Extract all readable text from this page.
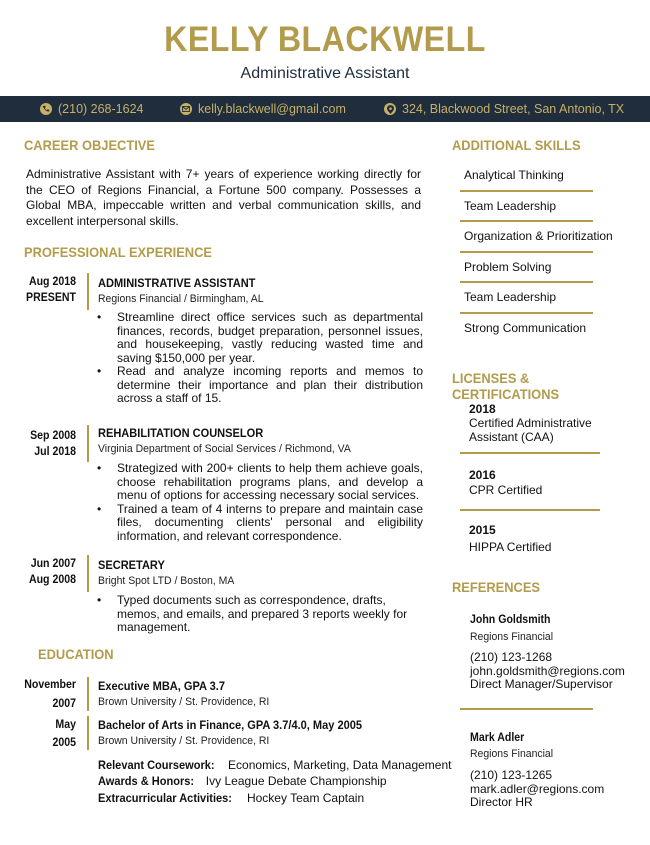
KELLY BLACKWELL
Administrative Assistant
(210) 268-1624	kelly.blackwell@gmail.com	324, Blackwood Street, San Antonio, TX
CAREER OBJECTIVE
Administrative Assistant with 7+ years of experience working directly for the CEO of Regions Financial, a Fortune 500 company. Possesses a Global MBA, impeccable written and verbal communication skills, and excellent interpersonal skills.
PROFESSIONAL EXPERIENCE
Aug 2018
PRESENT
ADMINISTRATIVE ASSISTANT
Regions Financial / Birmingham, AL
• Streamline direct office services such as departmental finances, records, budget preparation, personnel issues, and housekeeping, vastly reducing wasted time and saving $150,000 per year.
• Read and analyze incoming reports and memos to determine their importance and plan their distribution across a staff of 15.
Sep 2008
Jul 2018
REHABILITATION COUNSELOR
Virginia Department of Social Services / Richmond, VA
• Strategized with 200+ clients to help them achieve goals, choose rehabilitation programs plans, and develop a menu of options for accessing necessary social services.
• Trained a team of 4 interns to prepare and maintain case files, documenting clients' personal and eligibility information, and relevant correspondence.
Jun 2007
Aug 2008
SECRETARY
Bright Spot LTD / Boston, MA
• Typed documents such as correspondence, drafts, memos, and emails, and prepared 3 reports weekly for management.
EDUCATION
November
2007
Executive MBA, GPA 3.7
Brown University / St. Providence, RI
May
2005
Bachelor of Arts in Finance, GPA 3.7/4.0, May 2005
Brown University / St. Providence, RI
Relevant Coursework: Economics, Marketing, Data Management
Awards & Honors: Ivy League Debate Championship
Extracurricular Activities: Hockey Team Captain
ADDITIONAL SKILLS
Analytical Thinking
Team Leadership
Organization & Prioritization
Problem Solving
Team Leadership
Strong Communication
LICENSES & CERTIFICATIONS
2018
Certified Administrative Assistant (CAA)
2016
CPR Certified
2015
HIPPA Certified
REFERENCES
John Goldsmith
Regions Financial
(210) 123-1268
john.goldsmith@regions.com
Direct Manager/Supervisor
Mark Adler
Regions Financial
(210) 123-1265
mark.adler@regions.com
Director HR
